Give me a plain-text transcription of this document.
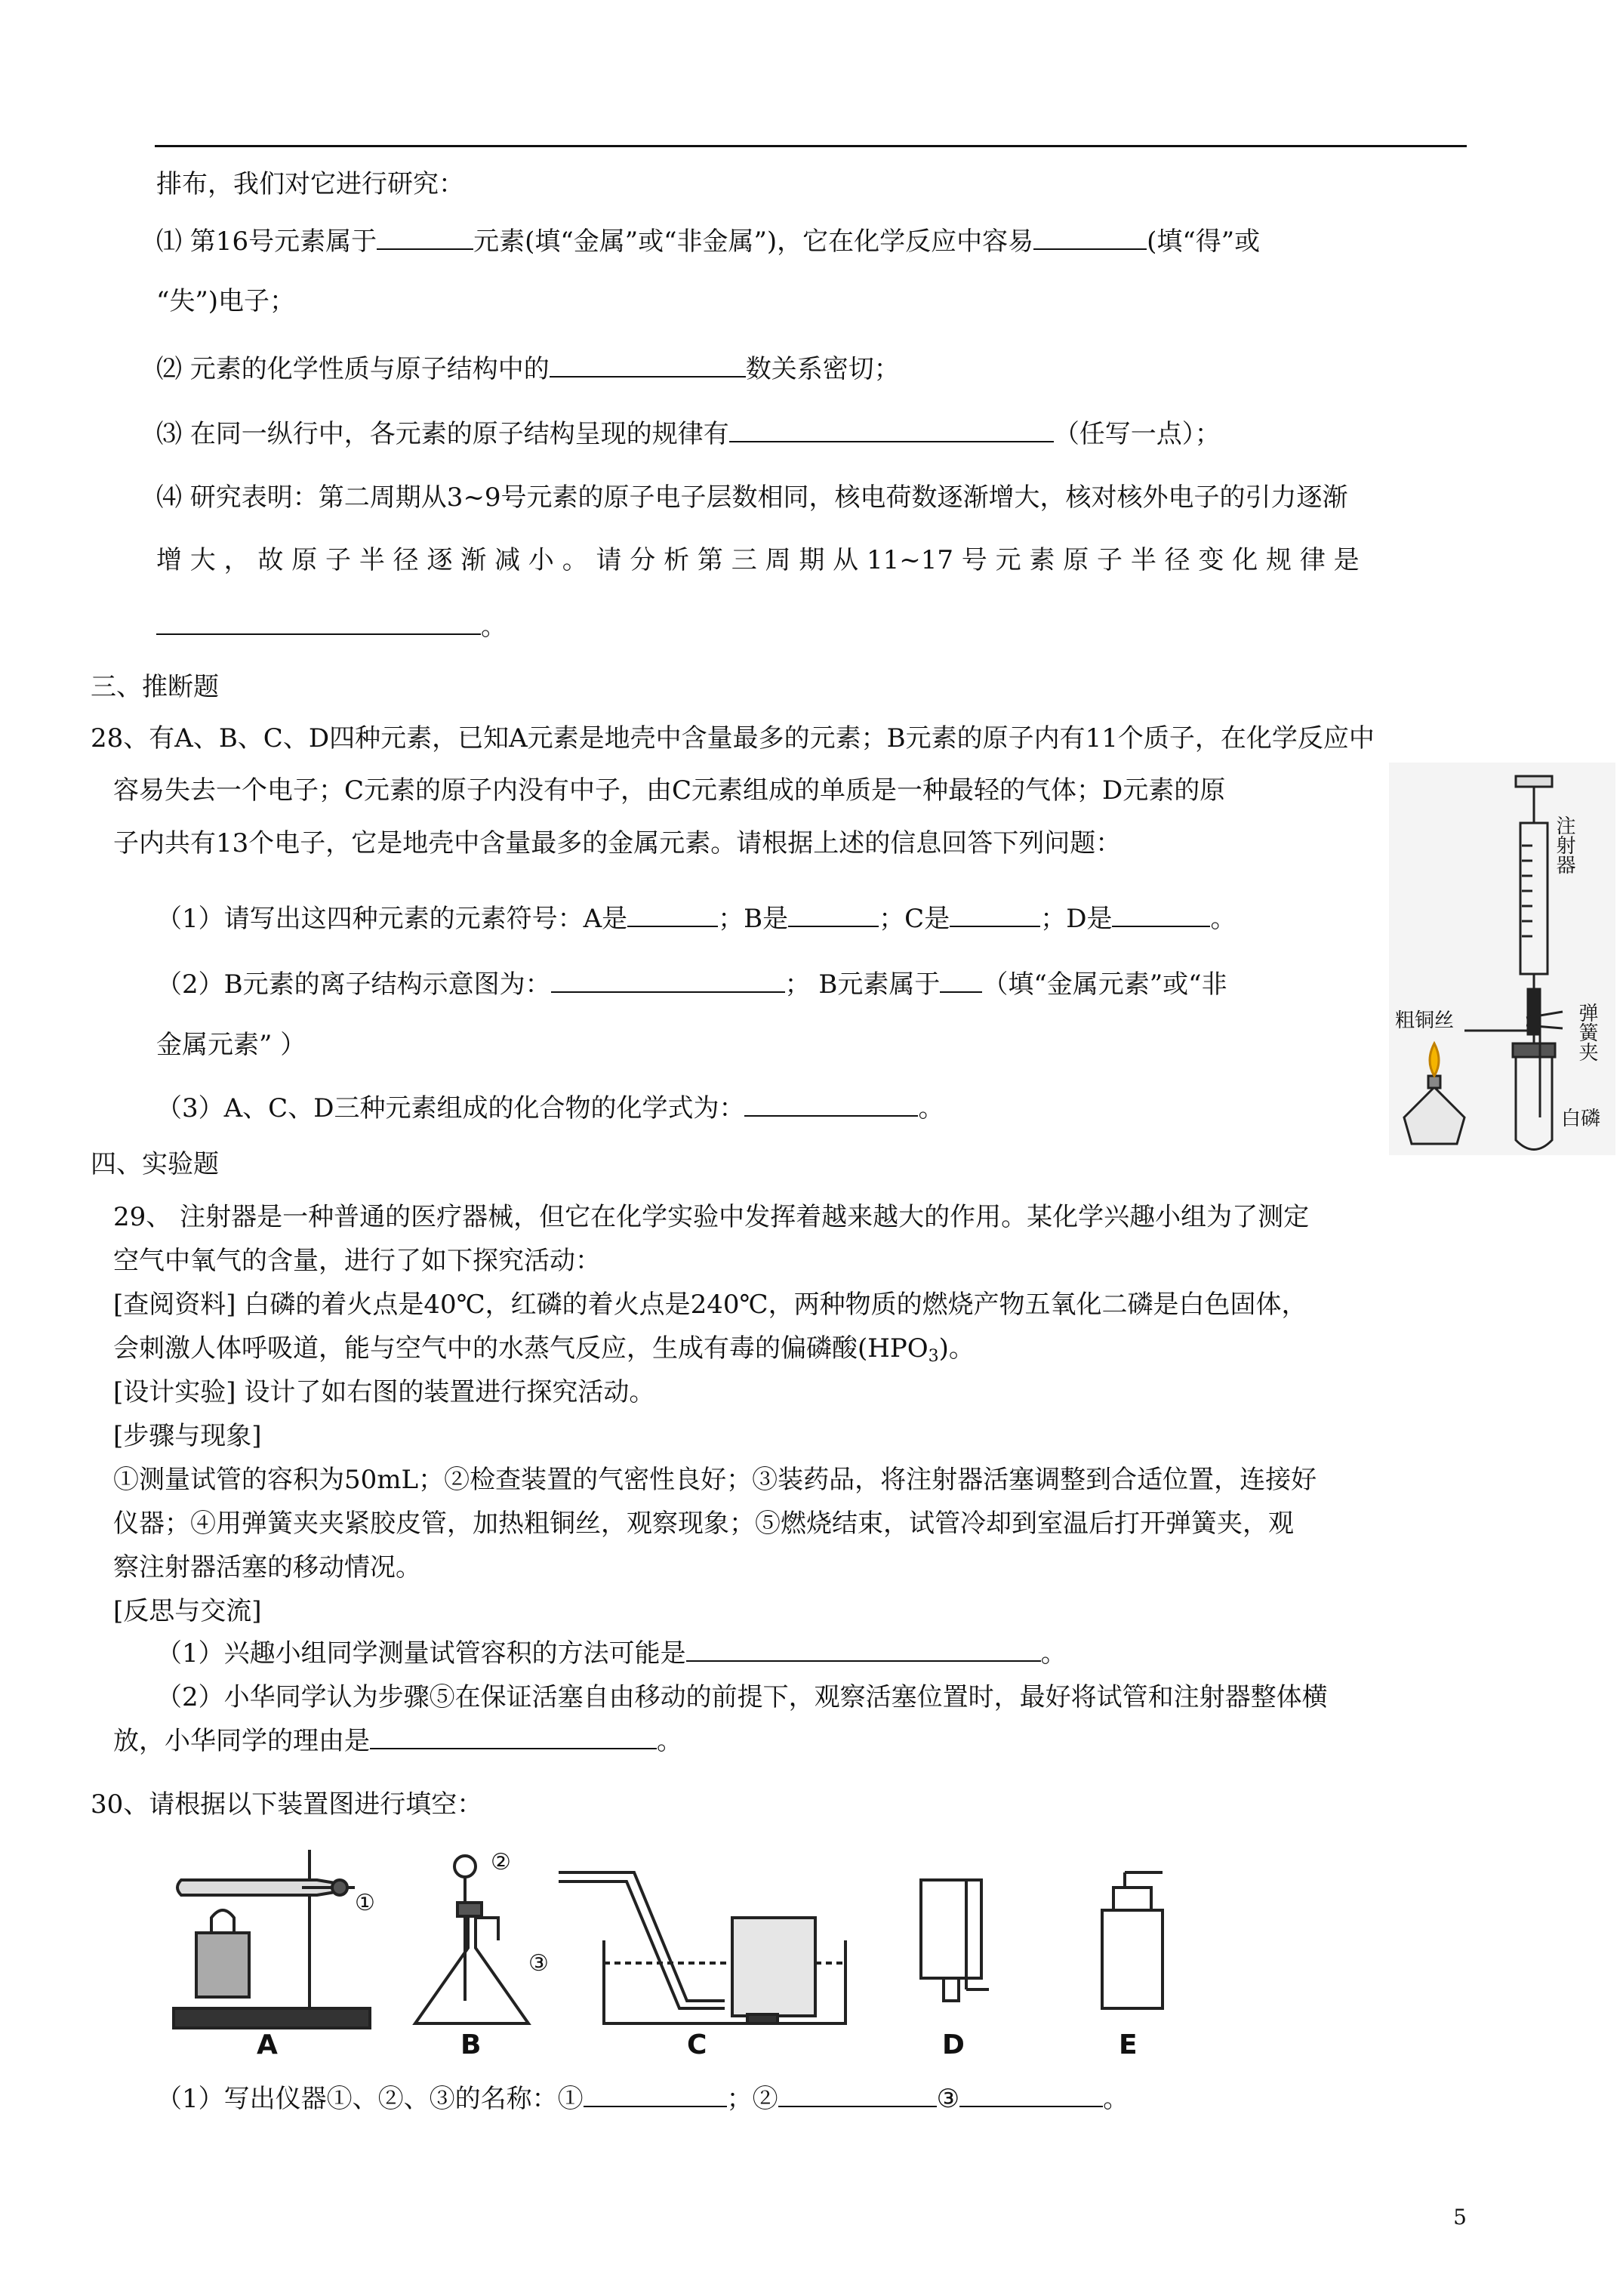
排布，我们对它进行研究：
⑴ 第16号元素属于	元素(填“金属”或“非金属”)，它在化学反应中容易	(填“得”或
“失”)电子；
⑵ 元素的化学性质与原子结构中的	数关系密切；
⑶ 在同一纵行中，各元素的原子结构呈现的规律有	（任写一点）；
⑷ 研究表明：第二周期从3~9号元素的原子电子层数相同，核电荷数逐渐增大，核对核外电子的引力逐渐
增 大 ， 故 原 子 半 径 逐 渐 减 小 。 请 分 析 第 三 周 期 从 11~17 号 元 素 原 子 半 径 变 化 规 律 是
。
三、推断题
28、有A、B、C、D四种元素，已知A元素是地壳中含量最多的元素；B元素的原子内有11个质子，在化学反应中
容易失去一个电子；C元素的原子内没有中子，由C元素组成的单质是一种最轻的气体；D元素的原
子内共有13个电子，它是地壳中含量最多的金属元素。请根据上述的信息回答下列问题：
（1）请写出这四种元素的元素符号：A是	；B是	；C是	；D是	。
（2）B元素的离子结构示意图为：	； B元素属于 （填“金属元素”或“非
金属元素” ）
（3）A、C、D三种元素组成的化合物的化学式为：	。
注射器
粗铜丝	弹簧夹
白磷
四、实验题
29、 注射器是一种普通的医疗器械，但它在化学实验中发挥着越来越大的作用。某化学兴趣小组为了测定
空气中氧气的含量，进行了如下探究活动：
[查阅资料] 白磷的着火点是40℃，红磷的着火点是240℃，两种物质的燃烧产物五氧化二磷是白色固体，
会刺激人体呼吸道，能与空气中的水蒸气反应，生成有毒的偏磷酸(HPO3)。
[设计实验] 设计了如右图的装置进行探究活动。
[步骤与现象]
①测量试管的容积为50mL；②检查装置的气密性良好；③装药品，将注射器活塞调整到合适位置，连接好
仪器；④用弹簧夹夹紧胶皮管，加热粗铜丝，观察现象；⑤燃烧结束，试管冷却到室温后打开弹簧夹，观
察注射器活塞的移动情况。
[反思与交流]
（1）兴趣小组同学测量试管容积的方法可能是	。
（2）小华同学认为步骤⑤在保证活塞自由移动的前提下，观察活塞位置时，最好将试管和注射器整体横
放，小华同学的理由是	。
30、请根据以下装置图进行填空：
①
②
③
A	B	C	D	E
（1）写出仪器①、②、③的名称：①	；②	③	。
5
